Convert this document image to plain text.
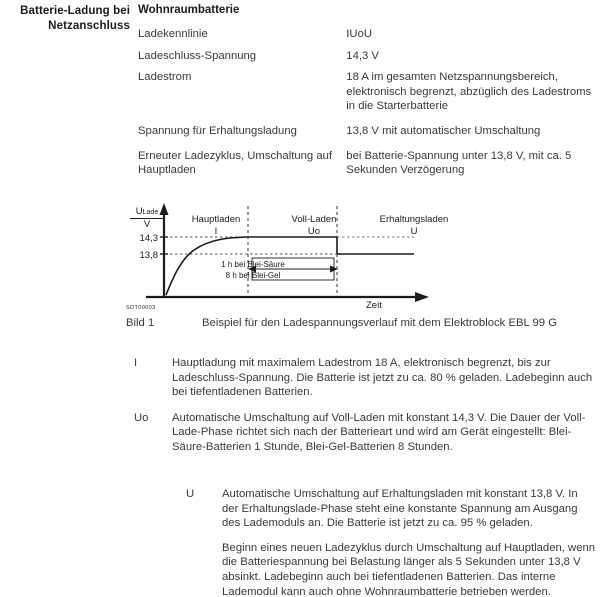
Batterie-Ladung bei
Netzanschluss
Wohnraumbatterie
Ladekennlinie	IUoU
Ladeschluss-Spannung	14,3 V
Ladestrom	18 A im gesamten Netzspannungsbereich, elektronisch begrenzt, abzüglich des Ladestroms in die Starterbatterie
Spannung für Erhaltungsladung	13,8 V mit automatischer Umschaltung
Erneuter Ladezyklus, Umschaltung auf Hauptladen	bei Batterie-Spannung unter 13,8 V, mit ca. 5 Sekunden Verzögerung
ULade
V
14,3
13,8
Hauptladen
I
Voll-Laden
Uo
Erhaltungsladen
U
1 h bei Blei-Säure
8 h bei Blei-Gel
Zeit
SDT00003
Bild 1	Beispiel für den Ladespannungsverlauf mit dem Elektroblock EBL 99 G
I	Hauptladung mit maximalem Ladestrom 18 A, elektronisch begrenzt, bis zur Ladeschluss-Spannung. Die Batterie ist jetzt zu ca. 80 % geladen. Ladebeginn auch bei tiefentladenen Batterien.
Uo Automatische Umschaltung auf Voll-Laden mit konstant 14,3 V. Die Dauer der Voll-Lade-Phase richtet sich nach der Batterieart und wird am Gerät eingestellt: Blei-Säure-Batterien 1 Stunde, Blei-Gel-Batterien 8 Stunden.
U Automatische Umschaltung auf Erhaltungsladen mit konstant 13,8 V. In der Erhaltungslade-Phase steht eine konstante Spannung am Ausgang des Lademoduls an. Die Batterie ist jetzt zu ca. 95 % geladen.
Beginn eines neuen Ladezyklus durch Umschaltung auf Hauptladen, wenn die Batteriespannung bei Belastung länger als 5 Sekunden unter 13,8 V absinkt. Ladebeginn auch bei tiefentladenen Batterien. Das interne Lademodul kann auch ohne Wohnraumbatterie betrieben werden.
